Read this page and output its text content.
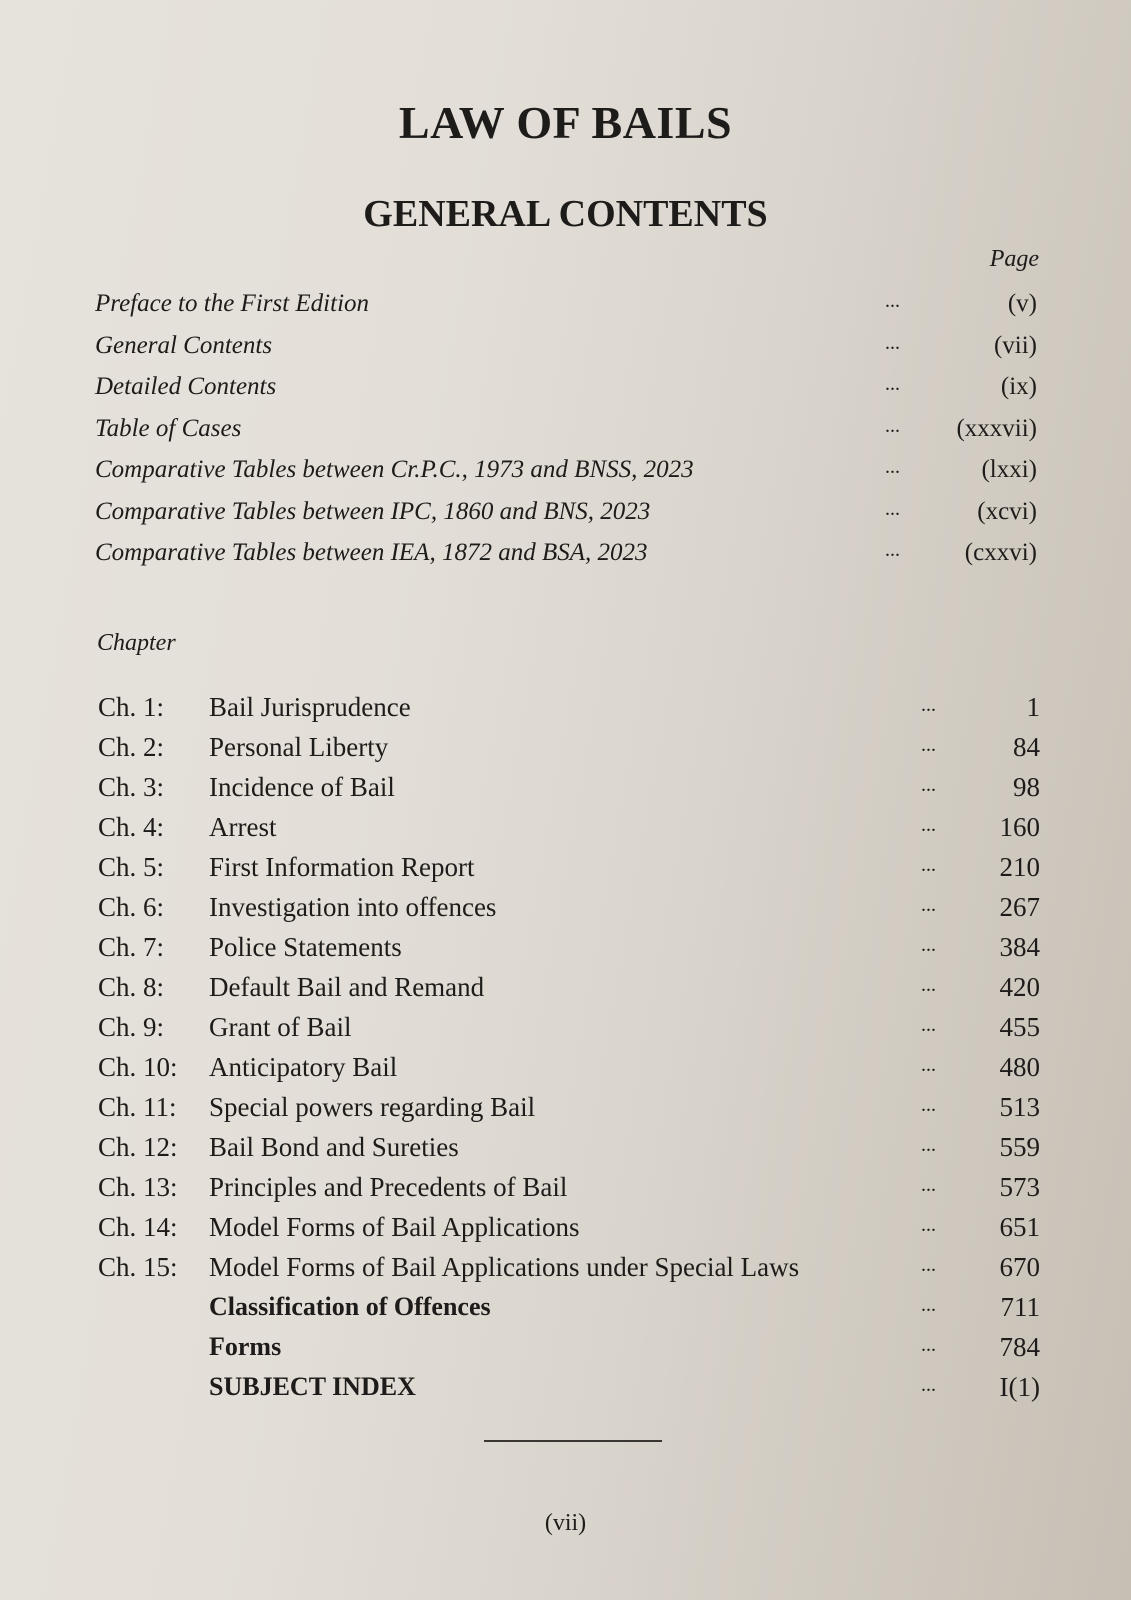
LAW OF BAILS
GENERAL CONTENTS
Page
Preface to the First Edition	...	(v)
General Contents	...	(vii)
Detailed Contents	...	(ix)
Table of Cases	... (xxxvii)
Comparative Tables between Cr.P.C., 1973 and BNSS, 2023	...	(lxxi)
Comparative Tables between IPC, 1860 and BNS, 2023	...	(xcvi)
Comparative Tables between IEA, 1872 and BSA, 2023	...	(cxxvi)
Chapter
Ch. 1: Bail Jurisprudence	...	1
Ch. 2: Personal Liberty	...	84
Ch. 3: Incidence of Bail	...	98
Ch. 4: Arrest	... 160
Ch. 5: First Information Report	... 210
Ch. 6: Investigation into offences	... 267
Ch. 7: Police Statements	... 384
Ch. 8: Default Bail and Remand	... 420
Ch. 9: Grant of Bail	... 455
Ch. 10: Anticipatory Bail	... 480
Ch. 11: Special powers regarding Bail	... 513
Ch. 12: Bail Bond and Sureties	... 559
Ch. 13: Principles and Precedents of Bail	... 573
Ch. 14: Model Forms of Bail Applications	... 651
Ch. 15: Model Forms of Bail Applications under Special Laws	... 670
Classification of Offences	... 711
Forms	... 784
SUBJECT INDEX	... I(1)
(vii)
